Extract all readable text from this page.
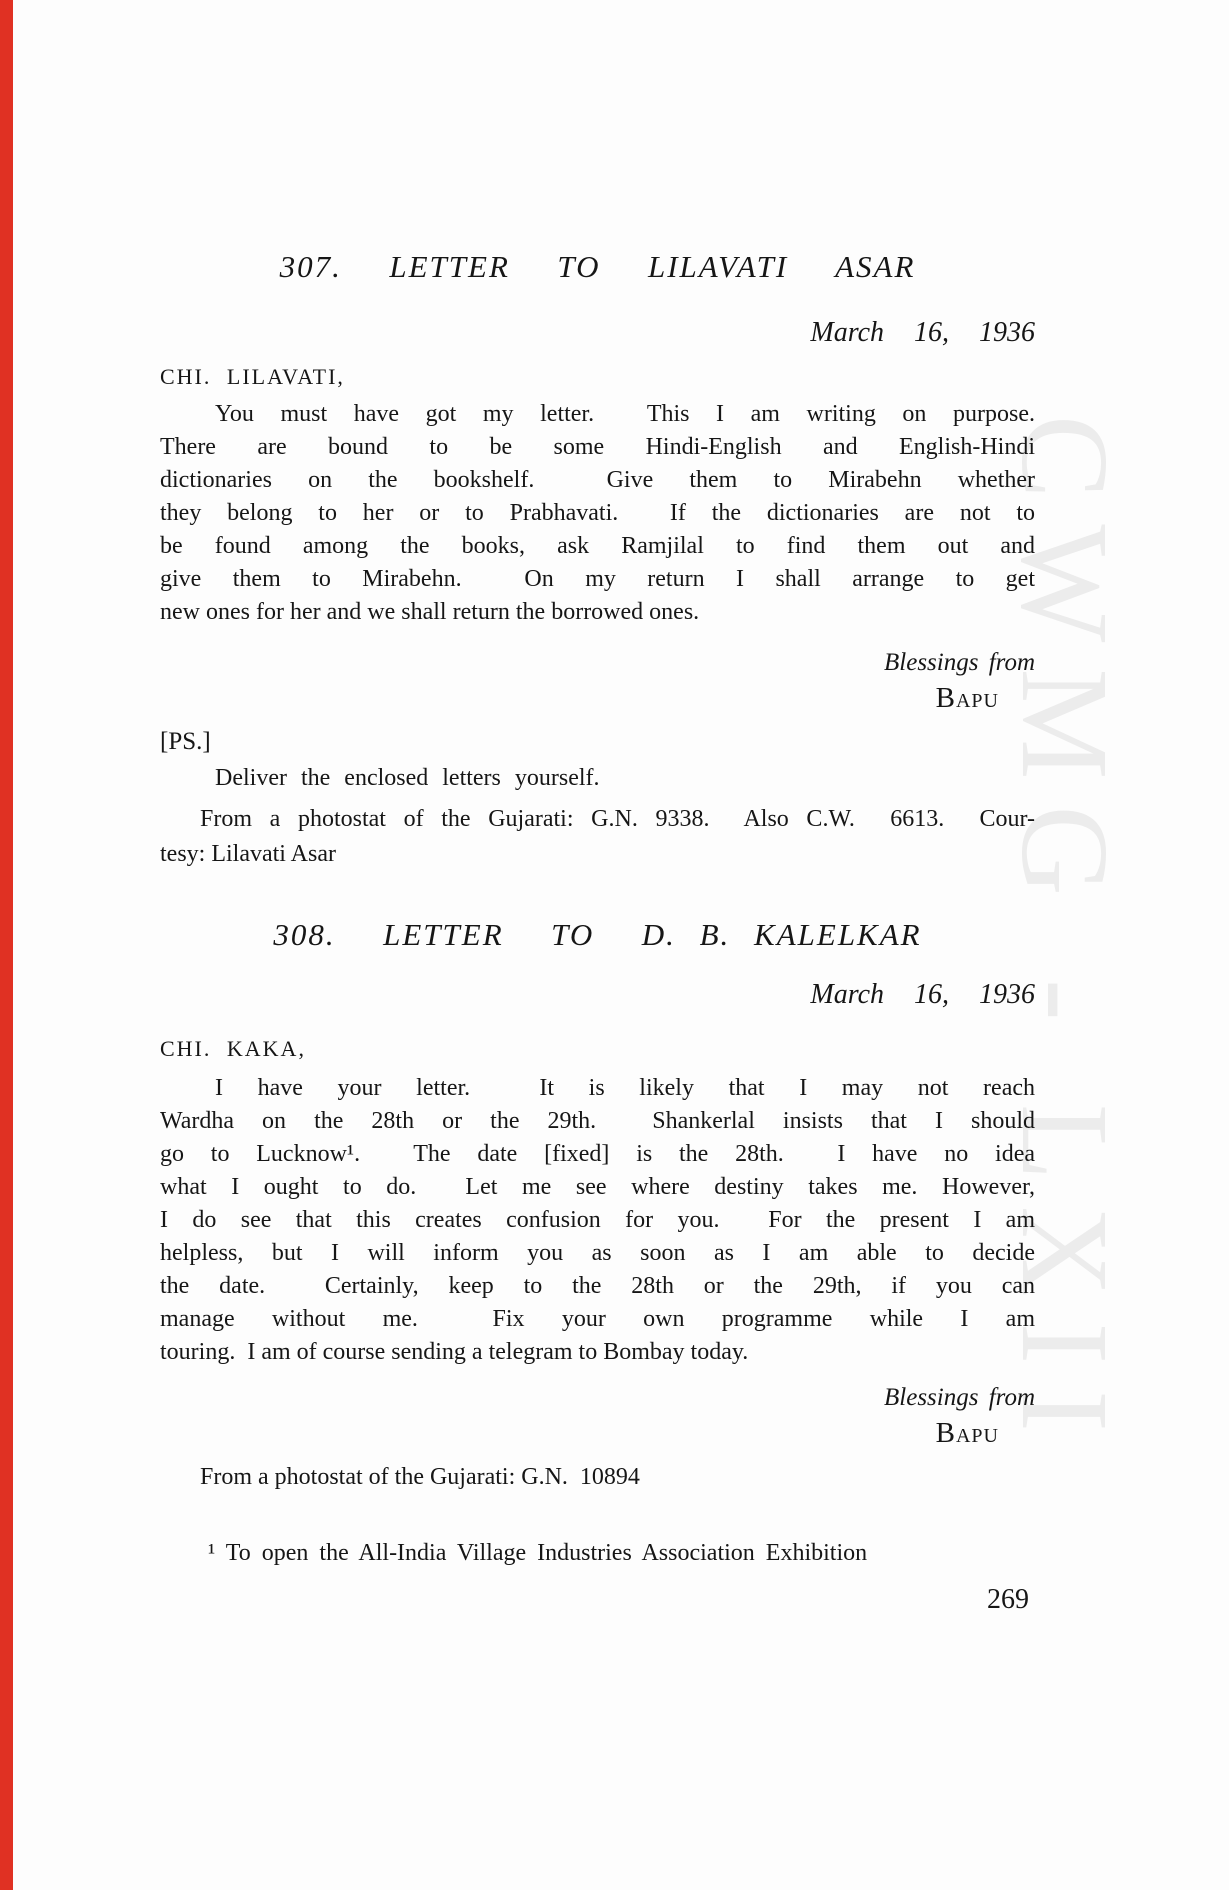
CWMG - LXII
307.  LETTER  TO  LILAVATI  ASAR
March  16,  1936
CHI. LILAVATI,
You must have got my letter.  This I am writing on purpose.
There are bound to be some Hindi-English and English-Hindi
dictionaries on the bookshelf.  Give them to Mirabehn whether
they belong to her or to Prabhavati.  If the dictionaries are not to
be found among the books, ask Ramjilal to find them out and
give them to Mirabehn.  On my return I shall arrange to get
new ones for her and we shall return the borrowed ones.
Blessings from
Bapu
[PS.]
Deliver the enclosed letters yourself.
From a photostat of the Gujarati: G.N. 9338.  Also C.W.  6613.  Cour-
tesy: Lilavati Asar
308.  LETTER  TO  D. B. KALELKAR
March  16,  1936
CHI. KAKA,
I have your letter.  It is likely that I may not reach
Wardha on the 28th or the 29th.  Shankerlal insists that I should
go to Lucknow¹.  The date [fixed] is the 28th.  I have no idea
what I ought to do.  Let me see where destiny takes me. However,
I do see that this creates confusion for you.  For the present I am
helpless, but I will inform you as soon as I am able to decide
the date.  Certainly, keep to the 28th or the 29th, if you can
manage without me.  Fix your own programme while I am
touring.  I am of course sending a telegram to Bombay today.
Blessings from
Bapu
From a photostat of the Gujarati: G.N.  10894
¹ To open the All-India Village Industries Association Exhibition
269
